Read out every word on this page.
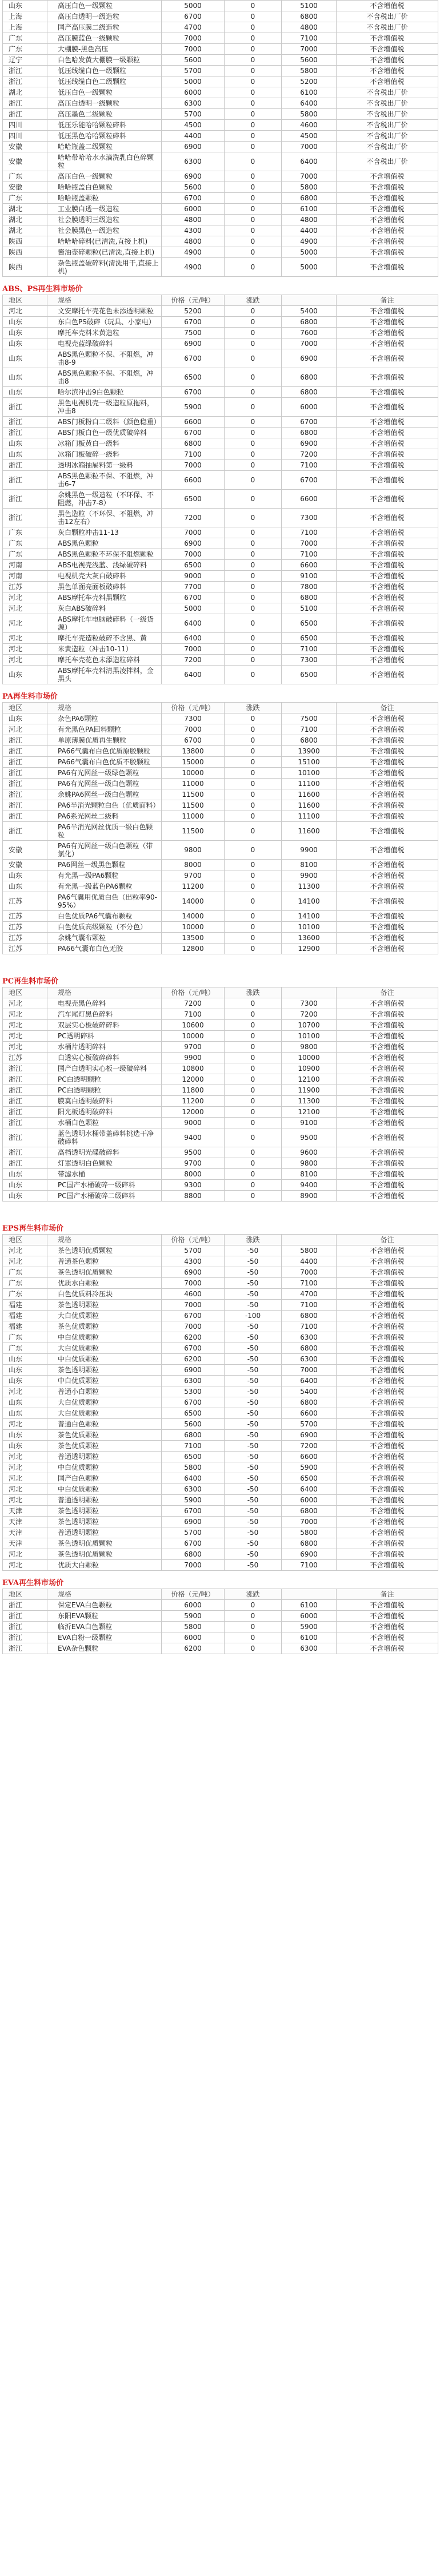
山东	高压白色一级颗粒	5000	0	5100	不含增值税
上海	高压白透明一级造粒	6700	0	6800	不含税出厂价
上海	国产高压膜二级造粒	4700	0	4800	不含税出厂价
广东	高压膜蓝色一级颗粒	7000	0	7100	不含增值税
广东	大棚膜-黑色高压	7000	0	7000	不含增值税
辽宁	白色哈发黄大棚膜一级颗粒	5600	0	5600	不含增值税
浙江	低压线缆白色一级颗粒	5700	0	5800	不含增值税
浙江	低压线缆白色二级颗粒	5000	0	5200	不含增值税
湖北	低压白色一级颗粒	6000	0	6100	不含税出厂价
浙江	高压白透明一级颗粒	6300	0	6400	不含税出厂价
浙江	高压墨色二级颗粒	5700	0	5800	不含税出厂价
四川	低压乐能哈哈颗粒碎料	4500	0	4600	不含税出厂价
四川	低压黑色哈哈颗粒碎料	4400	0	4500	不含税出厂价
安徽	哈哈瓶盖二级颗粒	6900	0	7000	不含税出厂价
安徽	哈哈带哈哈水水滴洗乳白色碎颗粒	6300	0	6400	不含税出厂价
广东	高压白色一级颗粒	6900	0	7000	不含增值税
安徽	哈哈瓶盖白色颗粒	5600	0	5800	不含增值税
广东	哈哈瓶盖颗粒	6700	0	6800	不含增值税
湖北	工业膜白透一级造粒	6000	0	6100	不含增值税
湖北	社会膜透明三级造粒	4800	0	4800	不含增值税
湖北	社会膜黑色一级造粒	4300	0	4400	不含增值税
陕西	哈哈哈碎料(已清洗,直接上机)	4800	0	4900	不含增值税
陕西	酱油壶碎颗粒(已清洗,直接上机)	4900	0	5000	不含增值税
陕西	杂色瓶盖破碎料(清洗用干,直接上机)	4900	0	5000	不含增值税
ABS、PS再生料市场价
地区	规格	价格（元/吨）	涨跌		备注
河北	文安摩托车壳花色未添透明颗粒	5200	0	5400	不含增值税
山东	东白色PS破碎（玩具、小家电）	6700	0	6800	不含增值税
山东	摩托车壳料米黄造粒	7500	0	7600	不含增值税
山东	电视壳蓝绿破碎料	6900	0	7000	不含增值税
山东	ABS黑色颗粒不保、不阻燃，冲击8-9	6700	0	6900	不含增值税
山东	ABS黑色颗粒不保、不阻燃，冲击8	6500	0	6800	不含增值税
山东	哈尔滨冲击9白色颗粒	6700	0	6800	不含增值税
浙江	黑色电视机壳一级造粒原拖料，冲击8	5900	0	6000	不含增值税
浙江	ABS门板粉白二级料（颜色稳重）	6600	0	6700	不含增值税
浙江	ABS门板白色一级优质破碎料	6700	0	6800	不含增值税
山东	冰箱门板黄白一级料	6800	0	6900	不含增值税
山东	冰箱门板破碎一级料	7100	0	7200	不含增值税
浙江	透明冰箱抽屉料第一级料	7000	0	7100	不含增值税
浙江	ABS黑色颗粒不保、不阻燃，冲击6-7	6600	0	6700	不含增值税
浙江	余姚黑色一级造粒（不环保、不阻燃，冲击7-8）	6500	0	6600	不含增值税
浙江	黑色造粒（不环保、不阻燃，冲击12左右）	7200	0	7300	不含增值税
广东	灰白颗粒冲击11-13	7000	0	7100	不含增值税
广东	ABS黑色颗粒	6900	0	7000	不含增值税
广东	ABS黑色颗粒不环保不阻燃颗粒	7000	0	7100	不含增值税
河南	ABS电视壳浅蓝、浅绿破碎料	6500	0	6600	不含增值税
河南	电视机壳大灰白破碎料	9000	0	9100	不含增值税
江苏	黑色单面亮面板破碎料	7700	0	7800	不含增值税
河北	ABS摩托车壳料黑颗粒	6700	0	6800	不含增值税
河北	灰白ABS破碎料	5000	0	5100	不含增值税
河北	ABS摩托车电脑破碎料（一级货源）	6400	0	6500	不含增值税
河北	摩托车壳造粒破碎不含黑、黄	6400	0	6500	不含增值税
河北	米黄造粒（冲击10-11）	7000	0	7100	不含增值税
河北	摩托车壳花色未添造粒碎料	7200	0	7300	不含增值税
山东	ABS摩托车壳料清黑凌拌料，金黑头	6400	0	6500	不含增值税
PA再生料市场价
地区	规格	价格（元/吨）	涨跌		备注
山东	杂色PA6颗粒	7300	0	7500	不含增值税
河北	有光黑色PA回料颗粒	7000	0	7100	不含增值税
浙江	单原薄膜优质再生颗粒	6700	0	6800	不含增值税
浙江	PA66气囊布白色优质原胶颗粒	13800	0	13900	不含增值税
浙江	PA66气囊布白色优质不胶颗粒	15000	0	15100	不含增值税
浙江	PA6有光网丝一级绿色颗粒	10000	0	10100	不含增值税
浙江	PA6有光网丝一级白色颗粒	11000	0	11100	不含增值税
浙江	余姚PA6网丝一级白色颗粒	11500	0	11600	不含增值税
浙江	PA6半消光颗粒白色（优质面料）	11500	0	11600	不含增值税
浙江	PA6系光网丝二级料	11000	0	11100	不含增值税
浙江	PA6半消光网丝优质一级白色颗粒	11500	0	11600	不含增值税
安徽	PA6有光网丝一级白色颗粒（带氯化）	9800	0	9900	不含增值税
安徽	PA6网丝一级黑色颗粒	8000	0	8100	不含增值税
山东	有光黑一级PA6颗粒	9700	0	9900	不含增值税
山东	有光黑一级蓝色PA6颗粒	11200	0	11300	不含增值税
江苏	PA6气囊用优质白色（出粒率90-95%）	14000	0	14100	不含增值税
江苏	白色优质PA6气囊布颗粒	14000	0	14100	不含增值税
江苏	白色优质高级颗粒（不分色）	10000	0	10100	不含增值税
江苏	余姚气囊布颗粒	13500	0	13600	不含增值税
江苏	PA66气囊布白色无胶	12800	0	12900	不含增值税
PC再生料市场价
地区	规格	价格（元/吨）	涨跌		备注
河北	电视壳黑色碎料	7200	0	7300	不含增值税
河北	汽车尾灯黑色碎料	7100	0	7200	不含增值税
河北	双层实心板破碎碎料	10600	0	10700	不含增值税
河北	PC透明碎料	10000	0	10100	不含增值税
河北	水桶片透明碎料	9700	0	9800	不含增值税
江苏	白透实心板破碎碎料	9900	0	10000	不含增值税
浙江	国产白透明实心板一级破碎料	10800	0	10900	不含增值税
浙江	PC白透明颗粒	12000	0	12100	不含增值税
浙江	PC白透明颗粒	11800	0	11900	不含增值税
浙江	膜莫白透明破碎料	11200	0	11300	不含增值税
浙江	阳光板透明破碎料	12000	0	12100	不含增值税
浙江	水桶白色颗粒	9000	0	9100	不含增值税
浙江	蓝色透明水桶带盖碎料挑选干净破碎料	9400	0	9500	不含增值税
浙江	高档透明光碟破碎料	9500	0	9600	不含增值税
浙江	灯罩透明白色颗粒	9700	0	9800	不含增值税
山东	带滤水桶	8000	0	8100	不含增值税
山东	PC国产水桶破碎一级碎料	9300	0	9400	不含增值税
山东	PC国产水桶破碎二级碎料	8800	0	8900	不含增值税
EPS再生料市场价
地区	规格	价格（元/吨）	涨跌		备注
河北	茶色透明优质颗粒	5700	-50	5800	不含增值税
河北	普通茶色颗粒	4300	-50	4400	不含增值税
广东	茶色透明优质颗粒	6900	-50	7000	不含增值税
广东	优质水白颗粒	7000	-50	7100	不含增值税
广东	白色优质料冷压块	4600	-50	4700	不含增值税
福建	茶色透明颗粒	7000	-50	7100	不含增值税
福建	大白优质颗粒	6700	-100	6800	不含增值税
福建	茶色优质颗粒	7000	-50	7100	不含增值税
广东	中白优质颗粒	6200	-50	6300	不含增值税
广东	大白优质颗粒	6700	-50	6800	不含增值税
山东	中白优质颗粒	6200	-50	6300	不含增值税
山东	茶色透明颗粒	6900	-50	7000	不含增值税
山东	中白优质颗粒	6300	-50	6400	不含增值税
河北	普通小白颗粒	5300	-50	5400	不含增值税
山东	大白优质颗粒	6700	-50	6800	不含增值税
山东	大白优质颗粒	6500	-50	6600	不含增值税
河北	普通白色颗粒	5600	-50	5700	不含增值税
山东	茶色优质颗粒	6800	-50	6900	不含增值税
山东	茶色优质颗粒	7100	-50	7200	不含增值税
河北	普通透明颗粒	6500	-50	6600	不含增值税
河北	中白优质颗粒	5800	-50	5900	不含增值税
河北	国产白色颗粒	6400	-50	6500	不含增值税
河北	中白优质颗粒	6300	-50	6400	不含增值税
河北	普通透明颗粒	5900	-50	6000	不含增值税
天津	茶色透明颗粒	6700	-50	6800	不含增值税
天津	茶色透明颗粒	6900	-50	7000	不含增值税
天津	普通透明颗粒	5700	-50	5800	不含增值税
天津	茶色透明优质颗粒	6700	-50	6800	不含增值税
河北	茶色透明优质颗粒	6800	-50	6900	不含增值税
河北	优质大白颗粒	7000	-50	7100	不含增值税
EVA再生料市场价
地区	规格	价格（元/吨）	涨跌		备注
浙江	保定EVA白色颗粒	6000	0	6100	不含增值税
浙江	东阳EVA颗粒	5900	0	6000	不含增值税
浙江	临沂EVA白色颗粒	5800	0	5900	不含增值税
浙江	EVA白粉一级颗粒	6000	0	6100	不含增值税
浙江	EVA杂色颗粒	6200	0	6300	不含增值税
